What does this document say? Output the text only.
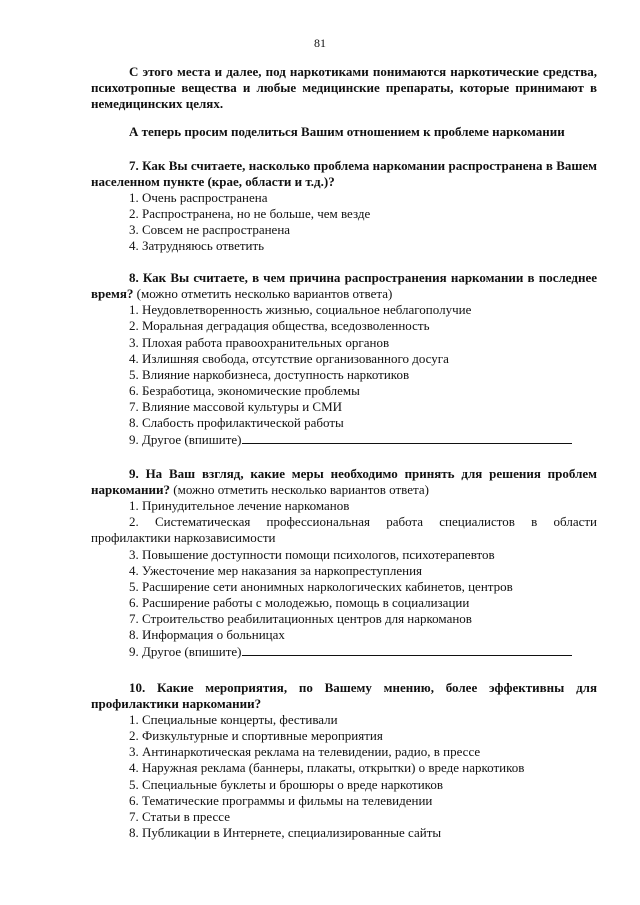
81

С этого места и далее, под наркотиками понимаются наркотические средства, психотропные вещества и любые медицинские препараты, которые принимают в немедицинских целях.

А теперь просим поделиться Вашим отношением к проблеме наркомании

7. Как Вы считаете, насколько проблема наркомании распространена в Вашем населенном пункте (крае, области и т.д.)?

1. Очень распространена
2. Распространена, но не больше, чем везде
3. Совсем не распространена
4. Затрудняюсь ответить

8. Как Вы считаете, в чем причина распространения наркомании в последнее время? (можно отметить несколько вариантов ответа)

1. Неудовлетворенность жизнью, социальное неблагополучие
2. Моральная деградация общества, вседозволенность
3. Плохая работа правоохранительных органов
4. Излишняя свобода, отсутствие организованного досуга
5. Влияние наркобизнеса, доступность наркотиков
6. Безработица, экономические проблемы
7. Влияние массовой культуры и СМИ
8. Слабость профилактической работы
9. Другое (впишите)

9. На Ваш взгляд, какие меры необходимо принять для решения проблем наркомании? (можно отметить несколько вариантов ответа)

1. Принудительное лечение наркоманов
2. Систематическая профессиональная работа специалистов в области профилактики наркозависимости
3. Повышение доступности помощи психологов, психотерапевтов
4. Ужесточение мер наказания за наркопреступления
5. Расширение сети анонимных наркологических кабинетов, центров
6. Расширение работы с молодежью, помощь в социализации
7. Строительство реабилитационных центров для наркоманов
8. Информация о больницах
9. Другое (впишите)

10. Какие мероприятия, по Вашему мнению, более эффективны для профилактики наркомании?

1. Специальные концерты, фестивали
2. Физкультурные и спортивные мероприятия
3. Антинаркотическая реклама на телевидении, радио, в прессе
4. Наружная реклама (баннеры, плакаты, открытки) о вреде наркотиков
5. Специальные буклеты и брошюры о вреде наркотиков
6. Тематические программы и фильмы на телевидении
7. Статьи в прессе
8. Публикации в Интернете, специализированные сайты
